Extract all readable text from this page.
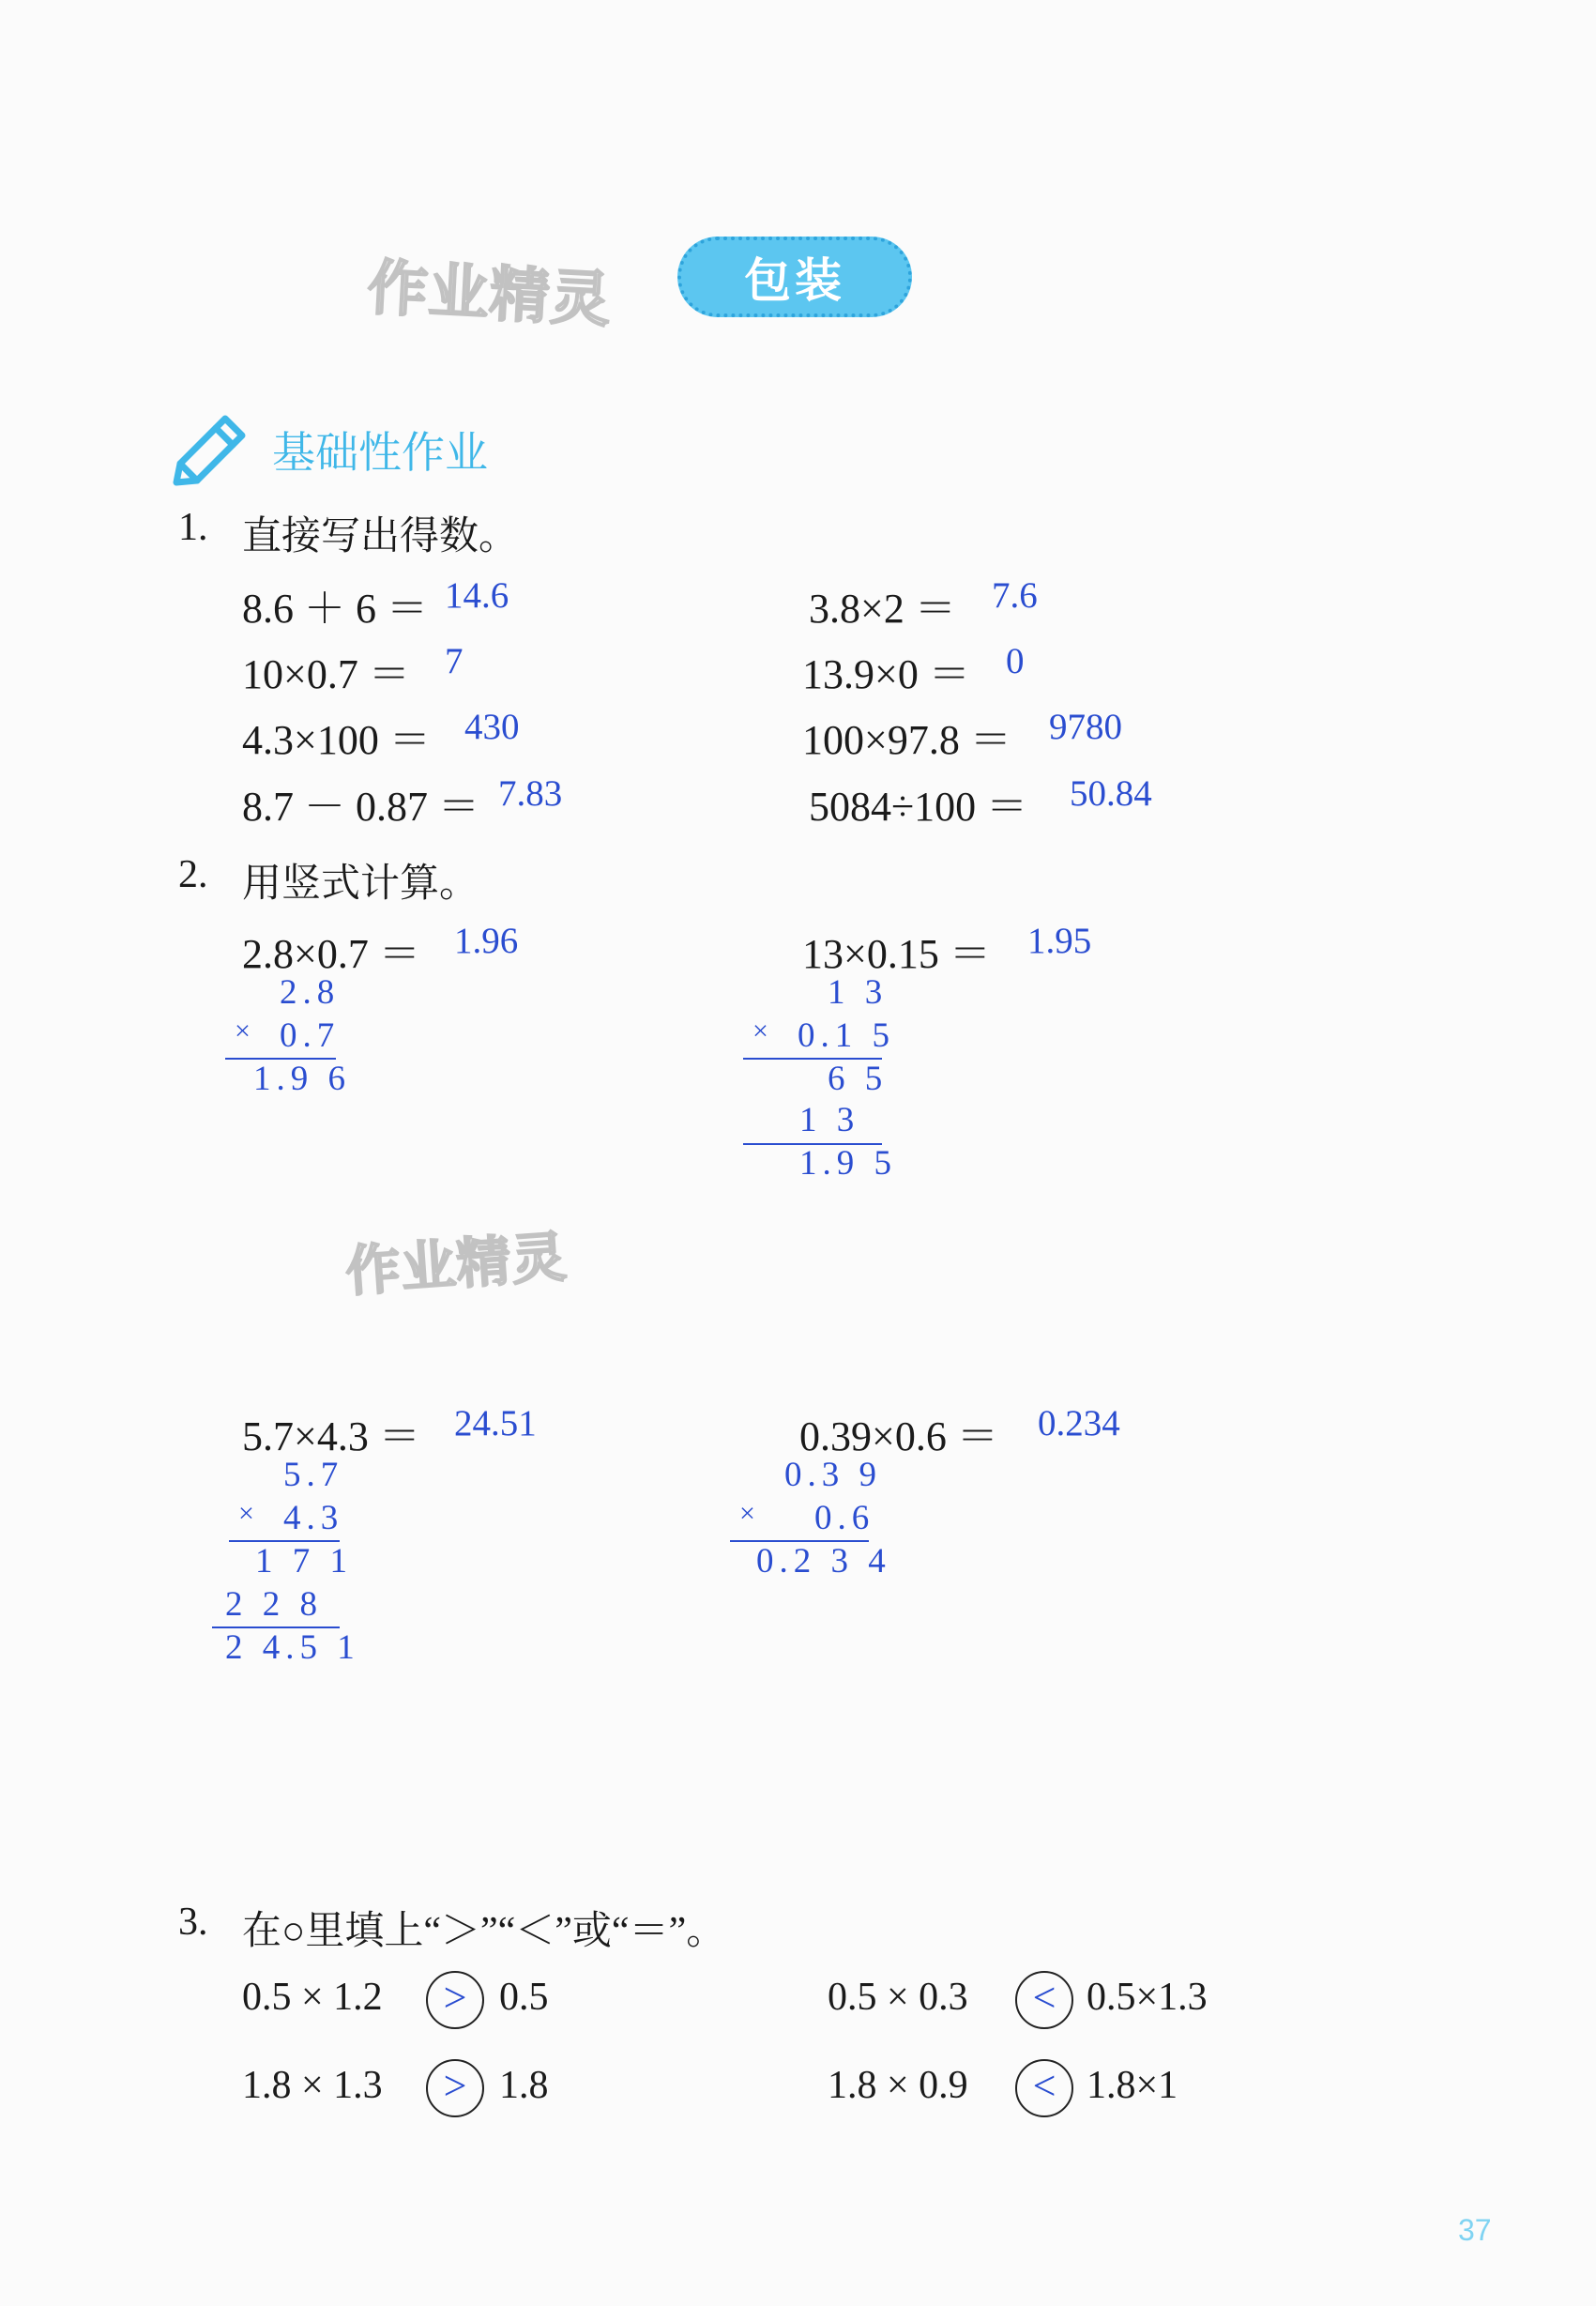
作业精灵
作业精灵
包装
基础性作业
1. 直接写出得数。
8.6 ＋ 6 ＝ 14.6	3.8×2 ＝ 7.6
10×0.7 ＝ 7	13.9×0 ＝ 0
4.3×100 ＝ 430	100×97.8 ＝ 9780
8.7 － 0.87 ＝ 7.83	5084÷100 ＝ 50.84
2. 用竖式计算。
2.8×0.7 ＝ 1.96
2.8
× 0.7
1.9 6
13×0.15 ＝ 1.95
1 3
× 0.1 5
6 5
1 3
1.9 5
5.7×4.3 ＝ 24.51
5.7
× 4.3
1 7 1
2 2 8
2 4.5 1
0.39×0.6 ＝ 0.234
0.3 9
× 0.6
0.2 3 4
3. 在○里填上“＞”“＜”或“＝”。
0.5 × 1.2 > 0.5	0.5 × 0.3 < 0.5×1.3
1.8 × 1.3 > 1.8	1.8 × 0.9 < 1.8×1
37
